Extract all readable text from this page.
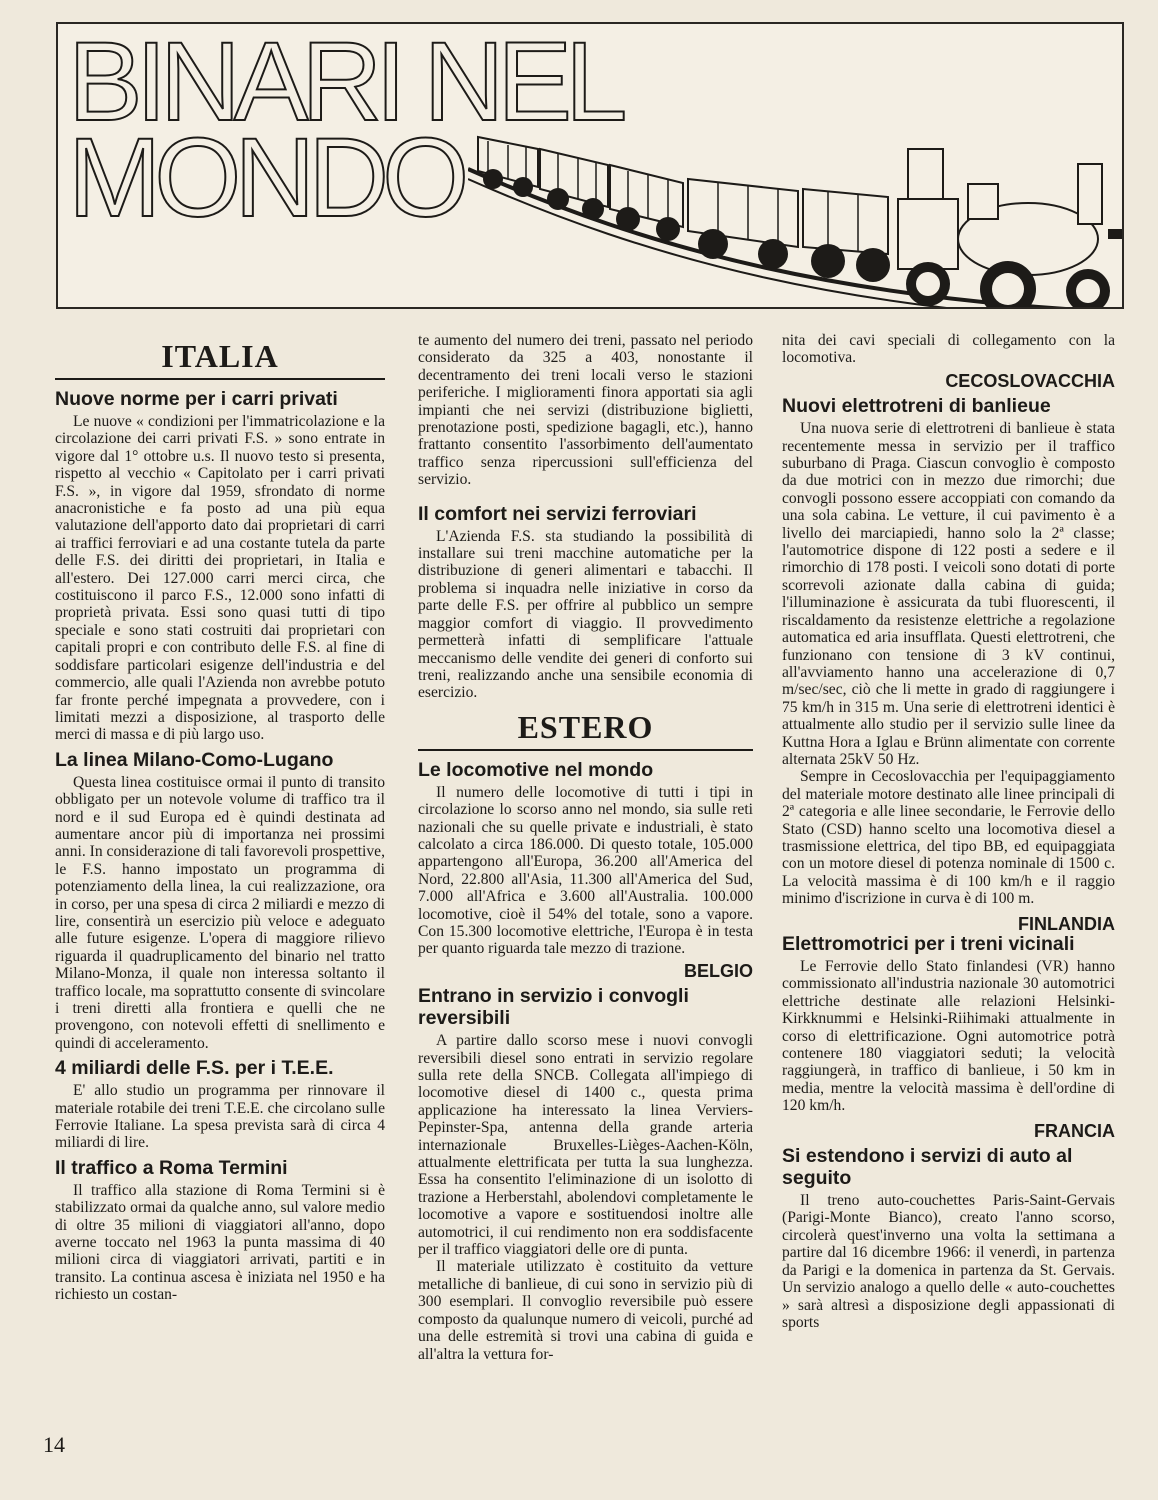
BINARI NEL
MONDO
ITALIA
Nuove norme per i carri privati

Le nuove « condizioni per l'immatricolazione e la circolazione dei carri privati F.S. » sono entrate in vigore dal 1° ottobre u.s. Il nuovo testo si presenta, rispetto al vecchio « Capitolato per i carri privati F.S. », in vigore dal 1959, sfrondato di norme anacronistiche e fa posto ad una più equa valutazione dell'apporto dato dai proprietari di carri ai traffici ferroviari e ad una costante tutela da parte delle F.S. dei diritti dei proprietari, in Italia e all'estero. Dei 127.000 carri merci circa, che costituiscono il parco F.S., 12.000 sono infatti di proprietà privata. Essi sono quasi tutti di tipo speciale e sono stati costruiti dai proprietari con capitali propri e con contributo delle F.S. al fine di soddisfare particolari esigenze dell'industria e del commercio, alle quali l'Azienda non avrebbe potuto far fronte perché impegnata a provvedere, con i limitati mezzi a disposizione, al trasporto delle merci di massa e di più largo uso.

La linea Milano-Como-Lugano

Questa linea costituisce ormai il punto di transito obbligato per un notevole volume di traffico tra il nord e il sud Europa ed è quindi destinata ad aumentare ancor più di importanza nei prossimi anni. In considerazione di tali favorevoli prospettive, le F.S. hanno impostato un programma di potenziamento della linea, la cui realizzazione, ora in corso, per una spesa di circa 2 miliardi e mezzo di lire, consentirà un esercizio più veloce e adeguato alle future esigenze. L'opera di maggiore rilievo riguarda il quadruplicamento del binario nel tratto Milano-Monza, il quale non interessa soltanto il traffico locale, ma soprattutto consente di svincolare i treni diretti alla frontiera e quelli che ne provengono, con notevoli effetti di snellimento e quindi di acceleramento.

4 miliardi delle F.S. per i T.E.E.

E' allo studio un programma per rinnovare il materiale rotabile dei treni T.E.E. che circolano sulle Ferrovie Italiane. La spesa prevista sarà di circa 4 miliardi di lire.

Il traffico a Roma Termini

Il traffico alla stazione di Roma Termini si è stabilizzato ormai da qualche anno, sul valore medio di oltre 35 milioni di viaggiatori all'anno, dopo averne toccato nel 1963 la punta massima di 40 milioni circa di viaggiatori arrivati, partiti e in transito. La continua ascesa è iniziata nel 1950 e ha richiesto un costan-

te aumento del numero dei treni, passato nel periodo considerato da 325 a 403, nonostante il decentramento dei treni locali verso le stazioni periferiche. I miglioramenti finora apportati sia agli impianti che nei servizi (distribuzione biglietti, prenotazione posti, spedizione bagagli, etc.), hanno frattanto consentito l'assorbimento dell'aumentato traffico senza ripercussioni sull'efficienza del servizio.

Il comfort nei servizi ferroviari

L'Azienda F.S. sta studiando la possibilità di installare sui treni macchine automatiche per la distribuzione di generi alimentari e tabacchi. Il problema si inquadra nelle iniziative in corso da parte delle F.S. per offrire al pubblico un sempre maggior comfort di viaggio. Il provvedimento permetterà infatti di semplificare l'attuale meccanismo delle vendite dei generi di conforto sui treni, realizzando anche una sensibile economia di esercizio.

ESTERO
Le locomotive nel mondo

Il numero delle locomotive di tutti i tipi in circolazione lo scorso anno nel mondo, sia sulle reti nazionali che su quelle private e industriali, è stato calcolato a circa 186.000. Di questo totale, 105.000 appartengono all'Europa, 36.200 all'America del Nord, 22.800 all'Asia, 11.300 all'America del Sud, 7.000 all'Africa e 3.600 all'Australia. 100.000 locomotive, cioè il 54% del totale, sono a vapore. Con 15.300 locomotive elettriche, l'Europa è in testa per quanto riguarda tale mezzo di trazione.

BELGIO
Entrano in servizio i convogli reversibili

A partire dallo scorso mese i nuovi convogli reversibili diesel sono entrati in servizio regolare sulla rete della SNCB. Collegata all'impiego di locomotive diesel di 1400 c., questa prima applicazione ha interessato la linea Verviers-Pepinster-Spa, antenna della grande arteria internazionale Bruxelles-Lièges-Aachen-Köln, attualmente elettrificata per tutta la sua lunghezza. Essa ha consentito l'eliminazione di un isolotto di trazione a Herberstahl, abolendovi completamente le locomotive a vapore e sostituendosi inoltre alle automotrici, il cui rendimento non era soddisfacente per il traffico viaggiatori delle ore di punta.

Il materiale utilizzato è costituito da vetture metalliche di banlieue, di cui sono in servizio più di 300 esemplari. Il convoglio reversibile può essere composto da qualunque numero di veicoli, purché ad una delle estremità si trovi una cabina di guida e all'altra la vettura for-

nita dei cavi speciali di collegamento con la locomotiva.

CECOSLOVACCHIA
Nuovi elettrotreni di banlieue

Una nuova serie di elettrotreni di banlieue è stata recentemente messa in servizio per il traffico suburbano di Praga. Ciascun convoglio è composto da due motrici con in mezzo due rimorchi; due convogli possono essere accoppiati con comando da una sola cabina. Le vetture, il cui pavimento è a livello dei marciapiedi, hanno solo la 2ª classe; l'automotrice dispone di 122 posti a sedere e il rimorchio di 178 posti. I veicoli sono dotati di porte scorrevoli azionate dalla cabina di guida; l'illuminazione è assicurata da tubi fluorescenti, il riscaldamento da resistenze elettriche a regolazione automatica ed aria insufflata. Questi elettrotreni, che funzionano con tensione di 3 kV continui, all'avviamento hanno una accelerazione di 0,7 m/sec/sec, ciò che li mette in grado di raggiungere i 75 km/h in 315 m. Una serie di elettrotreni identici è attualmente allo studio per il servizio sulle linee da Kuttna Hora a Iglau e Brünn alimentate con corrente alternata 25kV 50 Hz.

Sempre in Cecoslovacchia per l'equipaggiamento del materiale motore destinato alle linee principali di 2ª categoria e alle linee secondarie, le Ferrovie dello Stato (CSD) hanno scelto una locomotiva diesel a trasmissione elettrica, del tipo BB, ed equipaggiata con un motore diesel di potenza nominale di 1500 c. La velocità massima è di 100 km/h e il raggio minimo d'iscrizione in curva è di 100 m.

FINLANDIA
Elettromotrici per i treni vicinali

Le Ferrovie dello Stato finlandesi (VR) hanno commissionato all'industria nazionale 30 automotrici elettriche destinate alle relazioni Helsinki-Kirkknummi e Helsinki-Riihimaki attualmente in corso di elettrificazione. Ogni automotrice potrà contenere 180 viaggiatori seduti; la velocità raggiungerà, in traffico di banlieue, i 50 km in media, mentre la velocità massima è dell'ordine di 120 km/h.

FRANCIA
Si estendono i servizi di auto al seguito

Il treno auto-couchettes Paris-Saint-Gervais (Parigi-Monte Bianco), creato l'anno scorso, circolerà quest'inverno una volta la settimana a partire dal 16 dicembre 1966: il venerdì, in partenza da Parigi e la domenica in partenza da St. Gervais. Un servizio analogo a quello delle « auto-couchettes » sarà altresì a disposizione degli appassionati di sports

14
